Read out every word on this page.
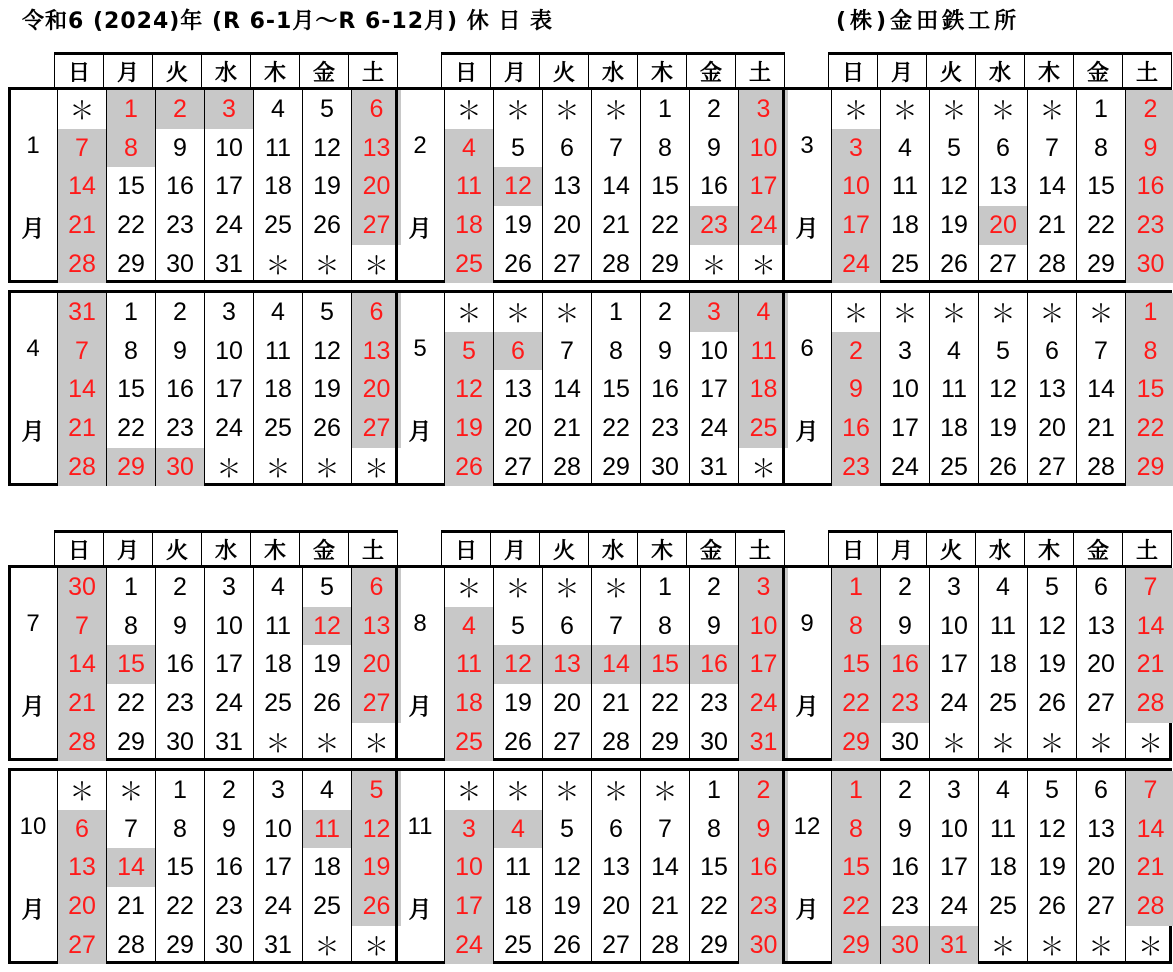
令和6 (2024)年 (R 6-1月〜R 6-12月) 休 日 表	(株)金田鉄工所
日	月	火	水	木	金	土	日	月	火	水	木	金	土	日	月	火	水	木	金	土
日	月	火	水	木	金	土	日	月	火	水	木	金	土	日	月	火	水	木	金	土
1
月
＊	1	2	3	4	5	6
7	8	9	10 11 12 13
14 15 16 17 18 19 20
21 22 23 24 25 26 27
28 29 30 31 ＊ ＊ ＊
2
月
＊ ＊ ＊ ＊	1	2	3
4	5	6	7	8	9	10
11 12 13 14 15 16 17
18 19 20 21 22 23 24
25 26 27 28 29 ＊ ＊
3
月
＊ ＊ ＊ ＊ ＊	1	2
3	4	5	6	7	8	9
10 11 12 13 14 15 16
17 18 19 20 21 22 23
24 25 26 27 28 29 30
4
月
31	1	2	3	4	5	6
7	8	9	10 11 12 13
14 15 16 17 18 19 20
21 22 23 24 25 26 27
28 29 30 ＊ ＊ ＊ ＊
5
月
＊ ＊ ＊	1	2	3	4
5	6	7	8	9	10 11
12 13 14 15 16 17 18
19 20 21 22 23 24 25
26 27 28 29 30 31 ＊
6
月
＊ ＊ ＊ ＊ ＊ ＊	1
2	3	4	5	6	7	8
9	10 11 12 13 14 15
16 17 18 19 20 21 22
23 24 25 26 27 28 29
7
月
30	1	2	3	4	5	6
7	8	9	10 11 12 13
14 15 16 17 18 19 20
21 22 23 24 25 26 27
28 29 30 31 ＊ ＊ ＊
8
月
＊ ＊ ＊ ＊	1	2	3
4	5	6	7	8	9	10
11 12 13 14 15 16 17
18 19 20 21 22 23 24
25 26 27 28 29 30 31
9
月
1	2	3	4	5	6	7
8	9	10 11 12 13 14
15 16 17 18 19 20 21
22 23 24 25 26 27 28
29 30 ＊ ＊ ＊ ＊ ＊
10
月
＊ ＊	1	2	3	4	5
6	7	8	9	10 11 12
13 14 15 16 17 18 19
20 21 22 23 24 25 26
27 28 29 30 31 ＊ ＊
11
月
＊ ＊ ＊ ＊ ＊	1	2
3	4	5	6	7	8	9
10 11 12 13 14 15 16
17 18 19 20 21 22 23
24 25 26 27 28 29 30
12
月
1	2	3	4	5	6	7
8	9	10 11 12 13 14
15 16 17 18 19 20 21
22 23 24 25 26 27 28
29 30 31 ＊ ＊ ＊ ＊
